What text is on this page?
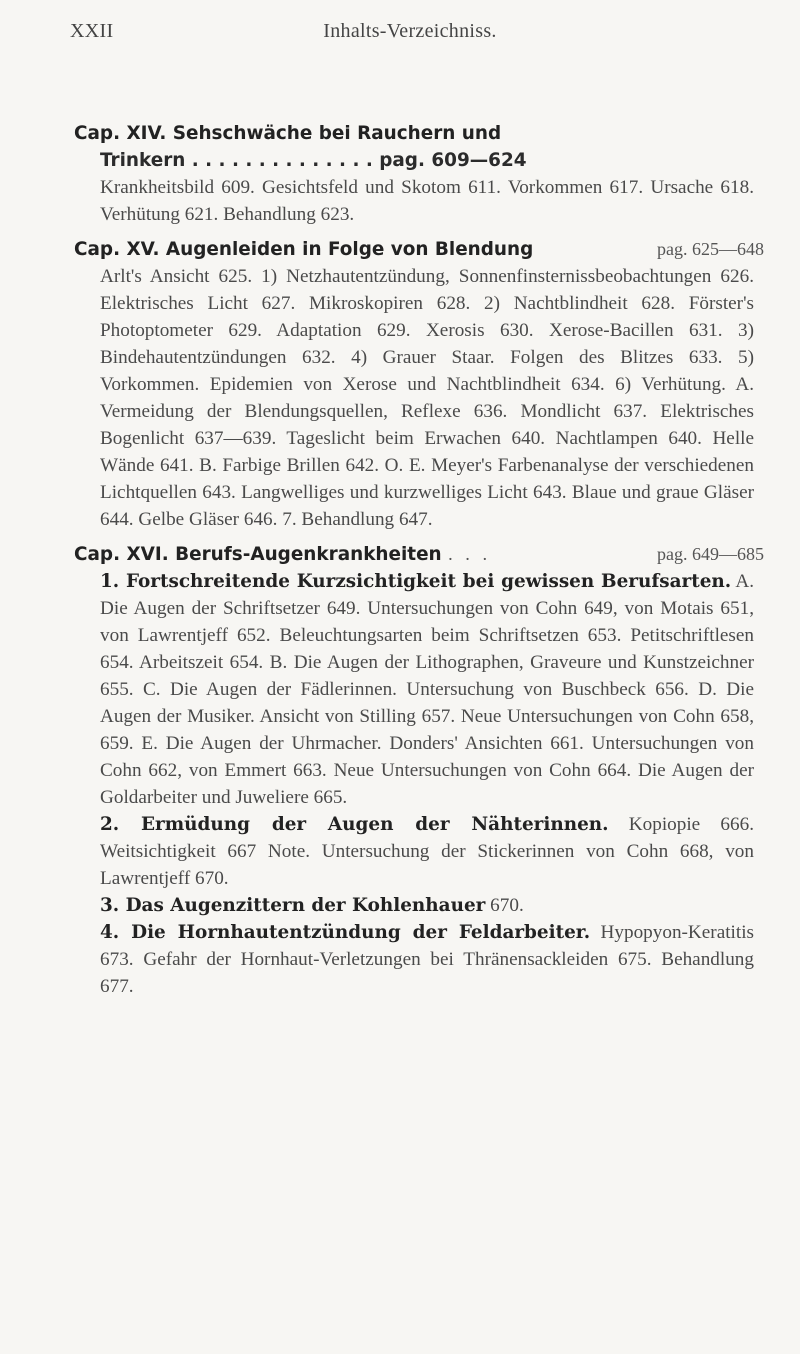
XXII	Inhalts-Verzeichniss.
Cap. XIV. Sehschwäche bei Rauchern und
Trinkern . . . . . . . . . . . . . . pag. 609—624
Krankheitsbild 609. Gesichtsfeld und Skotom 611. Vorkommen 617. Ursache 618. Verhütung 621. Behandlung 623.
Cap. XV. Augenleiden in Folge von Blendung	pag. 625—648
Arlt's Ansicht 625. 1) Netzhautentzündung, Sonnenfinsternissbeobachtungen 626. Elektrisches Licht 627. Mikroskopiren 628. 2) Nachtblindheit 628. Förster's Photoptometer 629. Adaptation 629. Xerosis 630. Xerose-Bacillen 631. 3) Bindehautentzündungen 632. 4) Grauer Staar. Folgen des Blitzes 633. 5) Vorkommen. Epidemien von Xerose und Nachtblindheit 634. 6) Verhütung. A. Vermeidung der Blendungsquellen, Reflexe 636. Mondlicht 637. Elektrisches Bogenlicht 637—639. Tageslicht beim Erwachen 640. Nachtlampen 640. Helle Wände 641. B. Farbige Brillen 642. O. E. Meyer's Farbenanalyse der verschiedenen Lichtquellen 643. Langwelliges und kurzwelliges Licht 643. Blaue und graue Gläser 644. Gelbe Gläser 646. 7. Behandlung 647.
Cap. XVI. Berufs-Augenkrankheiten . . .	pag. 649—685
1. Fortschreitende Kurzsichtigkeit bei gewissen Berufsarten. A. Die Augen der Schriftsetzer 649. Untersuchungen von Cohn 649, von Motais 651, von Lawrentjeff 652. Beleuchtungsarten beim Schriftsetzen 653. Petitschriftlesen 654. Arbeitszeit 654. B. Die Augen der Lithographen, Graveure und Kunstzeichner 655. C. Die Augen der Fädlerinnen. Untersuchung von Buschbeck 656. D. Die Augen der Musiker. Ansicht von Stilling 657. Neue Untersuchungen von Cohn 658, 659. E. Die Augen der Uhrmacher. Donders' Ansichten 661. Untersuchungen von Cohn 662, von Emmert 663. Neue Untersuchungen von Cohn 664. Die Augen der Goldarbeiter und Juweliere 665.
2. Ermüdung der Augen der Nähterinnen. Kopiopie 666. Weitsichtigkeit 667 Note. Untersuchung der Stickerinnen von Cohn 668, von Lawrentjeff 670.
3. Das Augenzittern der Kohlenhauer 670.
4. Die Hornhautentzündung der Feldarbeiter. Hypopyon-Keratitis 673. Gefahr der Hornhaut-Verletzungen bei Thränensackleiden 675. Behandlung 677.
